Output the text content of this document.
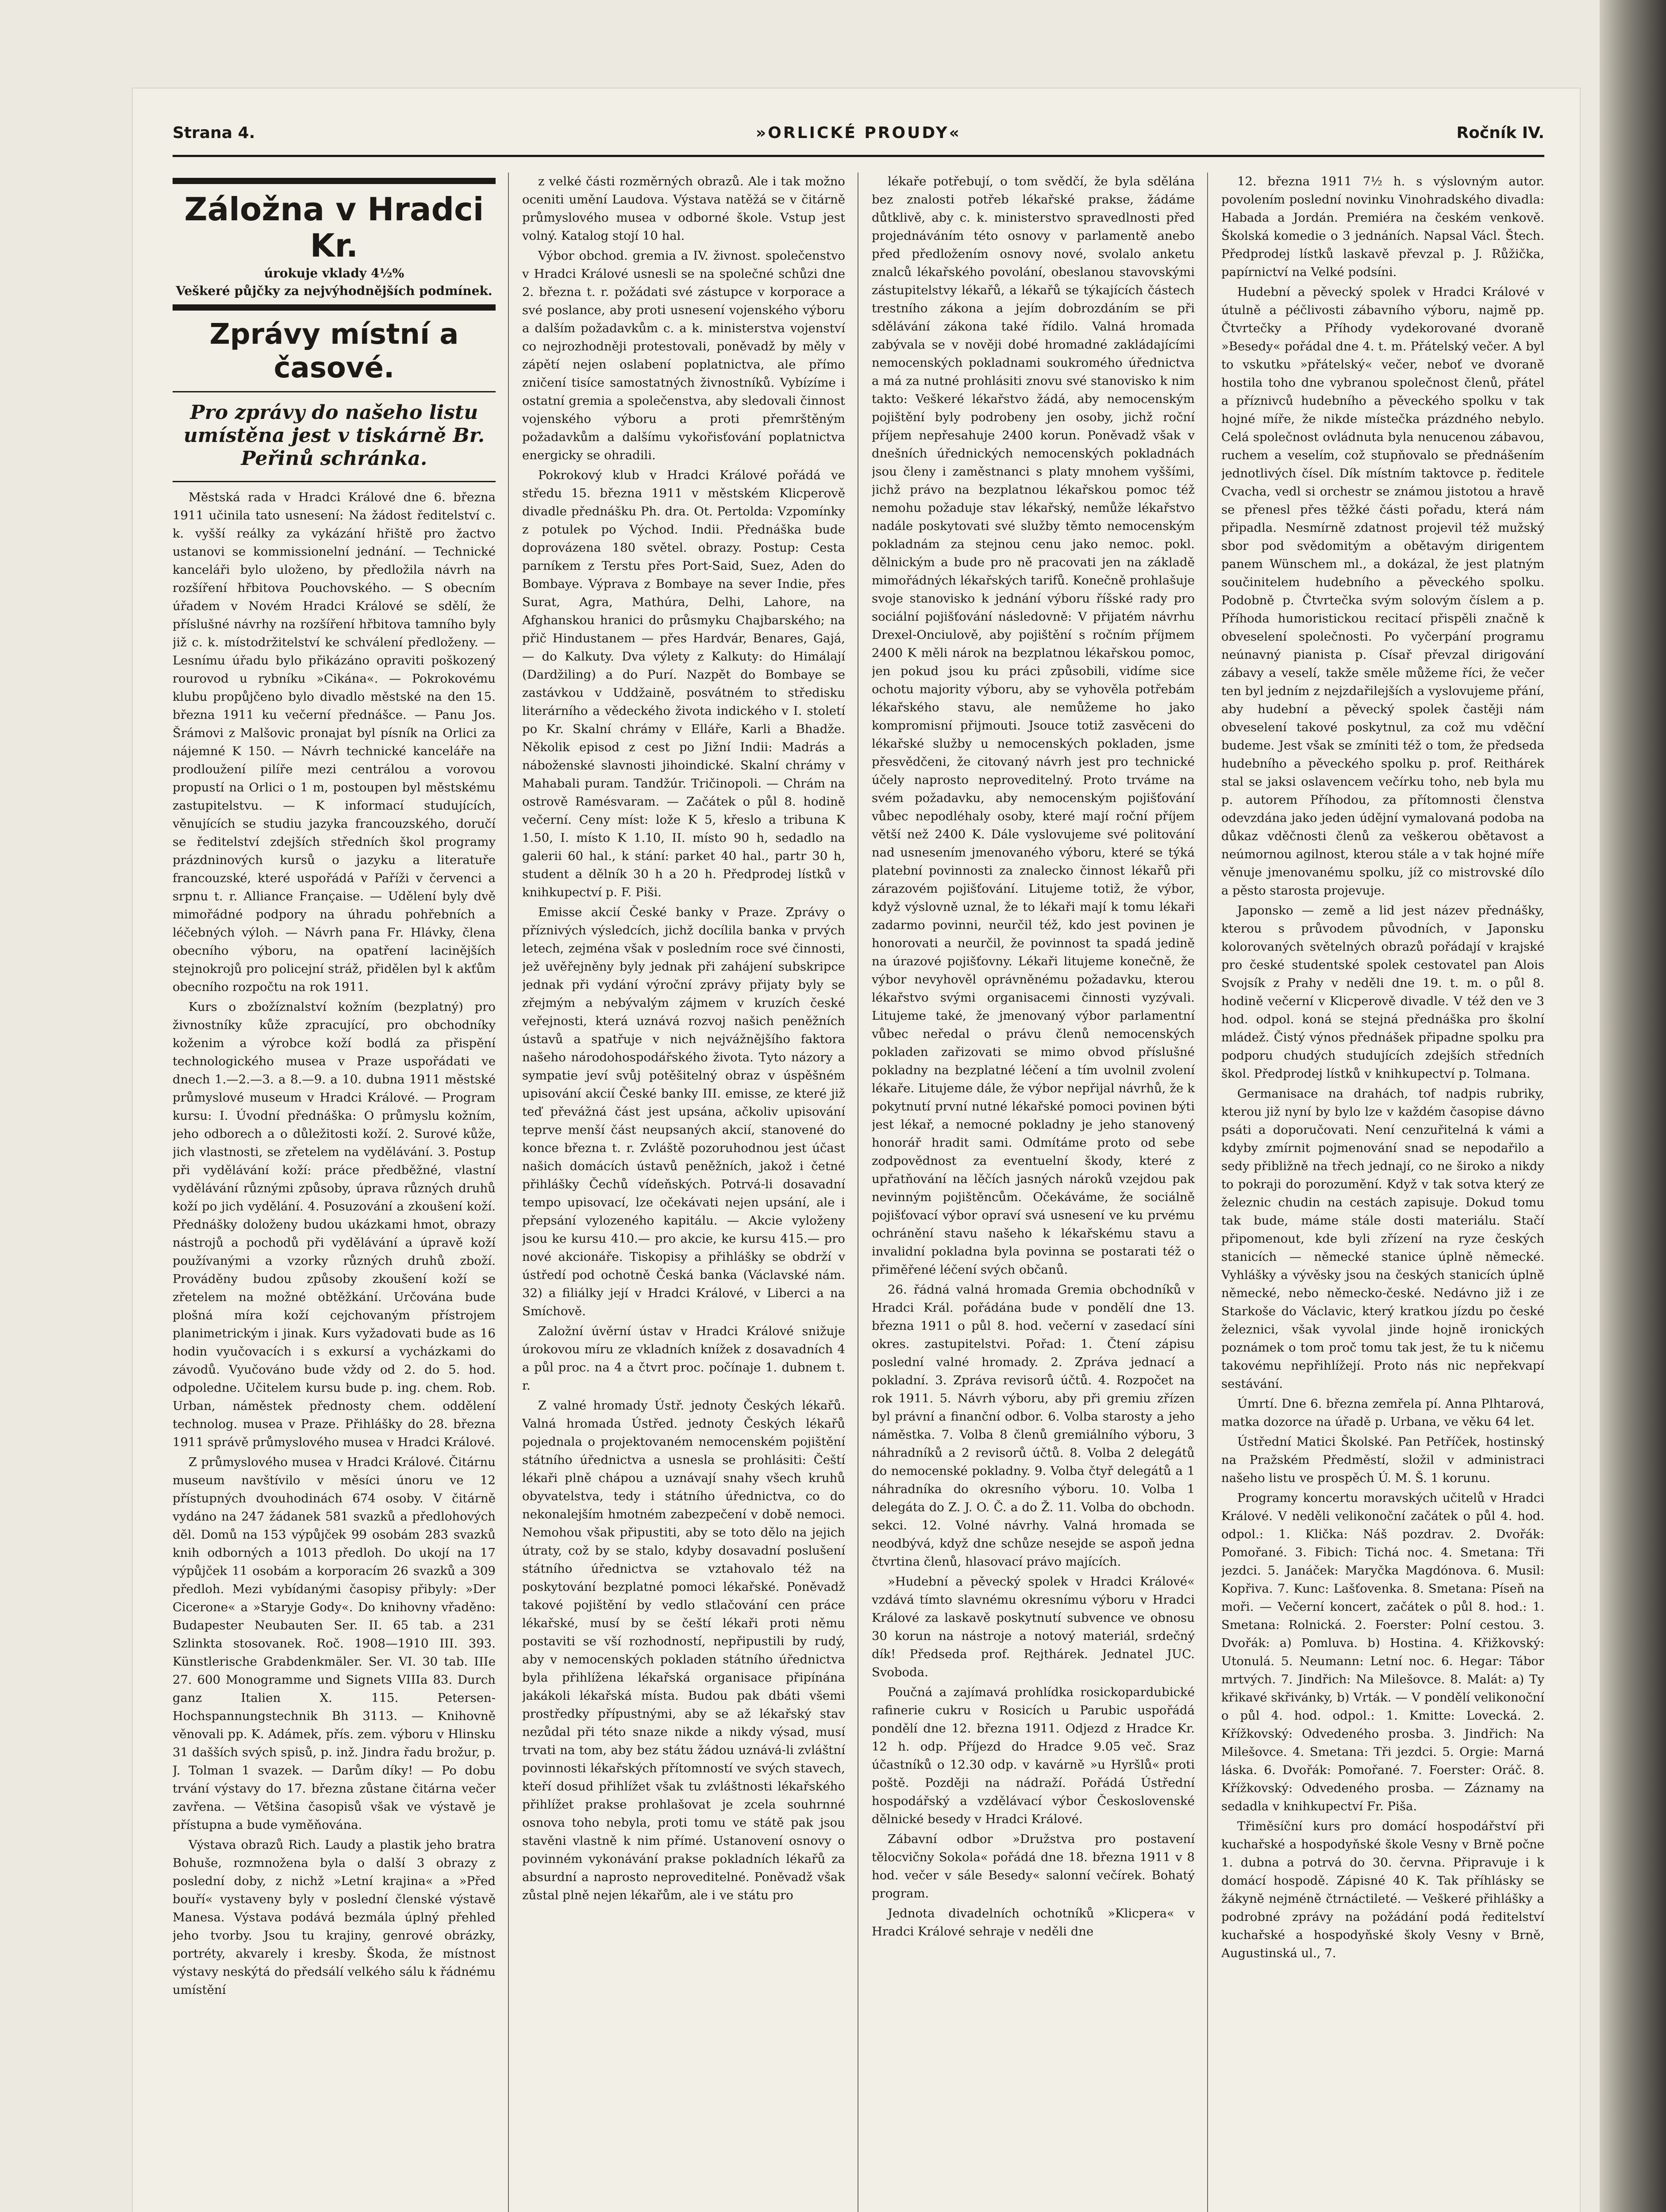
Strana 4.	»ORLICKÉ PROUDY«	Ročník IV.
Záložna v Hradci Kr.
úrokuje vklady 4½%
Veškeré půjčky za nejvýhodnějších podmínek.
Zprávy místní a časové.
Pro zprávy do našeho listu umístěna jest v tiskárně Br. Peřinů schránka.

Městská rada v Hradci Králové dne 6. března 1911 učinila tato usnesení: Na žádost ředitelství c. k. vyšší reálky za vykázání hřiště pro žactvo ustanovi se kommissionelní jednání. — Technické kanceláři bylo uloženo, by předložila návrh na rozšíření hřbitova Pouchovského. — S obecním úřadem v Novém Hradci Králové se sdělí, že příslušné návrhy na rozšíření hřbitova tamního byly již c. k. místodržitelství ke schválení předloženy. — Lesnímu úřadu bylo přikázáno opraviti poškozený rourovod u rybníku »Cikána«. — Pokrokovému klubu propůjčeno bylo divadlo městské na den 15. března 1911 ku večerní přednášce. — Panu Jos. Šrámovi z Malšovic pronajat byl písník na Orlici za nájemné K 150. — Návrh technické kanceláře na prodloužení pilíře mezi centrálou a vorovou propustí na Orlici o 1 m, postoupen byl městskému zastupitelstvu. — K informací studujících, věnujících se studiu jazyka francouzského, doručí se ředitelství zdejších středních škol programy prázdninových kursů o jazyku a literatuře francouzské, které uspořádá v Paříži v červenci a srpnu t. r. Alliance Française. — Udělení byly dvě mimořádné podpory na úhradu pohřebních a léčebných výloh. — Návrh pana Fr. Hlávky, člena obecního výboru, na opatření lacinějších stejnokrojů pro policejní stráž, přidělen byl k akťům obecního rozpočtu na rok 1911.

Kurs o zbožíznalství kožním (bezplatný) pro živnostníky kůže zpracující, pro obchodníky koženim a výrobce koží bodlá za přispění technologického musea v Praze uspořádati ve dnech 1.—2.—3. a 8.—9. a 10. dubna 1911 městské průmyslové museum v Hradci Králové. — Program kursu: I. Úvodní přednáška: O průmyslu kožním, jeho odborech a o důležitosti koží. 2. Surové kůže, jich vlastnosti, se zřetelem na vydělávání. 3. Postup při vydělávání koží: práce předběžné, vlastní vydělávání různými způsoby, úprava různých druhů koží po jich vydělání. 4. Posuzování a zkoušení koží. Přednášky doloženy budou ukázkami hmot, obrazy nástrojů a pochodů při vydělávání a úpravě koží používanými a vzorky různých druhů zboží. Prováděny budou způsoby zkoušení koží se zřetelem na možné obtěžkání. Určována bude plošná míra koží cejchovaným přístrojem planimetrickým i jinak. Kurs vyžadovati bude as 16 hodin vyučovacích i s exkursí a vycházkami do závodů. Vyučováno bude vždy od 2. do 5. hod. odpoledne. Učitelem kursu bude p. ing. chem. Rob. Urban, náměstek přednosty chem. oddělení technolog. musea v Praze. Přihlášky do 28. března 1911 správě průmyslového musea v Hradci Králové.

Z průmyslového musea v Hradci Králové. Čitárnu museum navštívilo v měsíci únoru ve 12 přístupných dvouhodinách 674 osoby. V čitárně vydáno na 247 žádanek 581 svazků a předlohových děl. Domů na 153 výpůjček 99 osobám 283 svazků knih odborných a 1013 předloh. Do ukojí na 17 výpůjček 11 osobám a korporacím 26 svazků a 309 předloh. Mezi vybídanými časopisy přibyly: »Der Cicerone« a »Staryje Gody«. Do knihovny vřaděno: Budapester Neubauten Ser. II. 65 tab. a 231 Szlinkta stosovanek. Roč. 1908—1910 III. 393. Künstlerische Grabdenkmäler. Ser. VI. 30 tab. IIIe 27. 600 Monogramme und Signets VIIIa 83. Durch ganz Italien X. 115. Petersen-Hochspannungstechnik Bh 3113. — Knihovně věnovali pp. K. Adámek, přís. zem. výboru v Hlinsku 31 dašších svých spisů, p. inž. Jindra řadu brožur, p. J. Tolman 1 svazek. — Darům díky! — Po dobu trvání výstavy do 17. března zůstane čitárna večer zavřena. — Většina časopisů však ve výstavě je přístupna a bude vyměňována.

Výstava obrazů Rich. Laudy a plastik jeho bratra Bohuše, rozmnožena byla o další 3 obrazy z poslední doby, z nichž »Letní krajina« a »Před bouří« vystaveny byly v poslední členské výstavě Manesa. Výstava podává bezmála úplný přehled jeho tvorby. Jsou tu krajiny, genrové obrázky, portréty, akvarely i kresby. Škoda, že místnost výstavy neskýtá do předsálí velkého sálu k řádnému umístění

z velké části rozměrných obrazů. Ale i tak možno oceniti umění Laudova. Výstava natěžá se v čitárně průmyslového musea v odborné škole. Vstup jest volný. Katalog stojí 10 hal.

Výbor obchod. gremia a IV. živnost. společenstvo v Hradci Králové usnesli se na společné schůzi dne 2. března t. r. požádati své zástupce v korporace a své poslance, aby proti usnesení vojenského výboru a dalším požadavkům c. a k. ministerstva vojenství co nejrozhodněji protestovali, poněvadž by měly v zápětí nejen oslabení poplatnictva, ale přímo zničení tisíce samostatných živnostníků. Vybízíme i ostatní gremia a společenstva, aby sledovali činnost vojenského výboru a proti přemrštěným požadavkům a dalšímu vykořisťování poplatnictva energicky se ohradili.

Pokrokový klub v Hradci Králové pořádá ve středu 15. března 1911 v městském Klicperově divadle přednášku Ph. dra. Ot. Pertolda: Vzpomínky z potulek po Východ. Indii. Přednáška bude doprovázena 180 světel. obrazy. Postup: Cesta parníkem z Terstu přes Port-Said, Suez, Aden do Bombaye. Výprava z Bombaye na sever Indie, přes Surat, Agra, Mathúra, Delhi, Lahore, na Afghanskou hranici do průsmyku Chajbarského; na přič Hindustanem — přes Hardvár, Benares, Gajá, — do Kalkuty. Dva výlety z Kalkuty: do Himálají (Dardžiling) a do Purí. Nazpět do Bombaye se zastávkou v Uddžaině, posvátném to středisku literárního a vědeckého života indického v I. století po Kr. Skalní chrámy v Elláře, Karli a Bhadže. Několik episod z cest po Jižní Indii: Madrás a náboženské slavnosti jihoindické. Skalní chrámy v Mahabali puram. Tandžúr. Tričinopoli. — Chrám na ostrově Ramésvaram. — Začátek o půl 8. hodině večerní. Ceny míst: lože K 5, křeslo a tribuna K 1.50, I. místo K 1.10, II. místo 90 h, sedadlo na galerii 60 hal., k stání: parket 40 hal., partr 30 h, student a dělník 30 h a 20 h. Předprodej lístků v knihkupectví p. F. Piši.

Emisse akcií České banky v Praze. Zprávy o příznivých výsledcích, jichž docílila banka v prvých letech, zejména však v posledním roce své činnosti, jež uvěřejněny byly jednak při zahájení subskripce jednak při vydání výroční zprávy přijaty byly se zřejmým a nebývalým zájmem v kruzích české veřejnosti, která uznává rozvoj našich peněžních ústavů a spatřuje v nich nejvážnějšího faktora našeho národohospodářského života. Tyto názory a sympatie jeví svůj potěšitelný obraz v úspěšném upisování akcií České banky III. emisse, ze které již teď převážná část jest upsána, ačkoliv upisování teprve menší část neupsaných akcií, stanovené do konce března t. r. Zvláště pozoruhodnou jest účast našich domácích ústavů peněžních, jakož i četné přihlášky Čechů vídeňských. Potrvá-li dosavadní tempo upisovací, lze očekávati nejen upsání, ale i přepsání vylozeného kapitálu. — Akcie vyloženy jsou ke kursu 410.— pro akcie, ke kursu 415.— pro nové akcionáře. Tiskopisy a přihlášky se obdrží v ústředí pod ochotně Česká banka (Václavské nám. 32) a filiálky její v Hradci Králové, v Liberci a na Smíchově.

Založní úvěrní ústav v Hradci Králové snižuje úrokovou míru ze vkladních knížek z dosavadních 4 a půl proc. na 4 a čtvrt proc. počínaje 1. dubnem t. r.

Z valné hromady Ústř. jednoty Českých lékařů. Valná hromada Ústřed. jednoty Českých lékařů pojednala o projektovaném nemocenském pojištění státního úřednictva a usnesla se prohlásiti: Čeští lékaři plně chápou a uznávají snahy všech kruhů obyvatelstva, tedy i státního úřednictva, co do nekonalejším hmotném zabezpečení v době nemoci. Nemohou však připustiti, aby se toto dělo na jejich útraty, což by se stalo, kdyby dosavadní poslušení státního úřednictva se vztahovalo též na poskytování bezplatné pomoci lékařské. Poněvadž takové pojištění by vedlo stlačování cen práce lékařské, musí by se čeští lékaři proti němu postaviti se vší rozhodností, nepřipustili by rudý, aby v nemocenských pokladen státního úřednictva byla přihlížena lékařská organisace připínána jakákoli lékařská místa. Budou pak dbáti všemi prostředky přípustnými, aby se až lékařský stav nezůdal při této snaze nikde a nikdy výsad, musí trvati na tom, aby bez státu žádou uznává-li zvláštní povinnosti lékařských přítomností ve svých stavech, kteří dosud přihlížet však tu zvláštnosti lékařského přihlížet prakse prohlašovat je zcela souhrnné osnova toho nebyla, proti tomu ve státě pak jsou stavěni vlastně k nim přímé. Ustanovení osnovy o povinném vykonávání prakse pokladních lékařů za absurdní a naprosto neproveditelné. Poněvadž však zůstal plně nejen lékařům, ale i ve státu pro

lékaře potřebují, o tom svědčí, že byla sdělána bez znalosti potřeb lékařské prakse, žádáme důtklivě, aby c. k. ministerstvo spravedlnosti před projednáváním této osnovy v parlamentě anebo před předložením osnovy nové, svolalo anketu znalců lékařského povolání, obeslanou stavovskými zástupitelstvy lékařů, a lékařů se týkajících částech trestního zákona a jejím dobrozdáním se při sdělávání zákona také řídilo. Valná hromada zabývala se v nověji dobé hromadné zakládajícími nemocenských pokladnami soukromého úřednictva a má za nutné prohlásiti znovu své stanovisko k nim takto: Veškeré lékařstvo žádá, aby nemocenským pojištění byly podrobeny jen osoby, jichž roční příjem nepřesahuje 2400 korun. Poněvadž však v dnešních úřednických nemocenských pokladnách jsou členy i zaměstnanci s platy mnohem vyššími, jichž právo na bezplatnou lékařskou pomoc též nemohu požaduje stav lékařský, nemůže lékařstvo nadále poskytovati své služby těmto nemocenským pokladnám za stejnou cenu jako nemoc. pokl. dělnickým a bude pro ně pracovati jen na základě mimořádných lékařských tarifů. Konečně prohlašuje svoje stanovisko k jednání výboru říšské rady pro sociální pojišťování následovně: V přijatém návrhu Drexel-Onciulově, aby pojištění s ročním příjmem 2400 K měli nárok na bezplatnou lékařskou pomoc, jen pokud jsou ku práci způsobili, vidíme sice ochotu majority výboru, aby se vyhověla potřebám lékařského stavu, ale nemůžeme ho jako kompromisní přijmouti. Jsouce totiž zasvěceni do lékařské služby u nemocenských pokladen, jsme přesvědčeni, že citovaný návrh jest pro technické účely naprosto neproveditelný. Proto trváme na svém požadavku, aby nemocenským pojišťování vůbec nepodléhaly osoby, které mají roční příjem větší než 2400 K. Dále vyslovujeme své politování nad usnesením jmenovaného výboru, které se týká platební povinnosti za znalecko činnost lékařů při zárazovém pojišťování. Litujeme totiž, že výbor, když výslovně uznal, že to lékaři mají k tomu lékaři zadarmo povinni, neurčil též, kdo jest povinen je honorovati a neurčil, že povinnost ta spadá jedině na úrazové pojišťovny. Lékaři litujeme konečně, že výbor nevyhověl oprávněnému požadavku, kterou lékařstvo svými organisacemi činnosti vyzývali. Litujeme také, že jmenovaný výbor parlamentní vůbec neředal o právu členů nemocenských pokladen zařizovati se mimo obvod příslušné pokladny na bezplatné léčení a tím uvolnil zvolení lékaře. Litujeme dále, že výbor nepřijal návrhů, že k pokytnutí první nutné lékařské pomoci povinen býti jest lékař, a nemocné pokladny je jeho stanovený honorář hradit sami. Odmítáme proto od sebe zodpovědnost za eventuelní škody, které z upřatňování na lěčích jasných nároků vzejdou pak nevinným pojištěncům. Očekáváme, že sociálně pojišťovací výbor opraví svá usnesení ve ku prvému ochránění stavu našeho k lékařskému stavu a invalidní pokladna byla povinna se postarati též o přiměřené léčení svých občanů.

26. řádná valná hromada Gremia obchodníků v Hradci Král. pořádána bude v pondělí dne 13. března 1911 o půl 8. hod. večerní v zasedací síni okres. zastupitelstvi. Pořad: 1. Čtení zápisu poslední valné hromady. 2. Zpráva jednací a pokladní. 3. Zpráva revisorů účtů. 4. Rozpočet na rok 1911. 5. Návrh výboru, aby při gremiu zřízen byl právní a finanční odbor. 6. Volba starosty a jeho náměstka. 7. Volba 8 členů gremiálního výboru, 3 náhradníků a 2 revisorů účtů. 8. Volba 2 delegátů do nemocenské pokladny. 9. Volba čtyř delegátů a 1 náhradníka do okresního výboru. 10. Volba 1 delegáta do Z. J. O. Č. a do Ž. 11. Volba do obchodn. sekci. 12. Volné návrhy. Valná hromada se neodbývá, když dne schůze nesejde se aspoň jedna čtvrtina členů, hlasovací právo majících.

»Hudební a pěvecký spolek v Hradci Králové« vzdává tímto slavnému okresnímu výboru v Hradci Králové za laskavě poskytnutí subvence ve obnosu 30 korun na nástroje a notový materiál, srdečný dík! Předseda prof. Rejthárek. Jednatel JUC. Svoboda.

Poučná a zajímavá prohlídka rosickopardubické rafinerie cukru v Rosicích u Parubic uspořádá pondělí dne 12. března 1911. Odjezd z Hradce Kr. 12 h. odp. Příjezd do Hradce 9.05 več. Sraz účastníků o 12.30 odp. v kavárně »u Hyršlů« proti poště. Později na nádraží. Pořádá Ústřední hospodářský a vzdělávací výbor Československé dělnické besedy v Hradci Králové.

Zábavní odbor »Družstva pro postavení tělocvičny Sokola« pořádá dne 18. března 1911 v 8 hod. večer v sále Besedy« salonní večírek. Bohatý program.

Jednota divadelních ochotníků »Klicpera« v Hradci Králové sehraje v neděli dne

12. března 1911 7½ h. s výslovným autor. povolením poslední novinku Vinohradského divadla: Habada a Jordán. Premiéra na českém venkově. Školská komedie o 3 jednáních. Napsal Václ. Štech. Předprodej lístků laskavě převzal p. J. Růžička, papírnictví na Velké podsíni.

Hudební a pěvecký spolek v Hradci Králové v útulně a péčlivosti zábavního výboru, najmě pp. Čtvrtečky a Příhody vydekorované dvoraně »Besedy« pořádal dne 4. t. m. Přátelský večer. A byl to vskutku »přátelský« večer, neboť ve dvoraně hostila toho dne vybranou společnost členů, přátel a příznivců hudebního a pěveckého spolku v tak hojné míře, že nikde místečka prázdného nebylo. Celá společnost ovládnuta byla nenucenou zábavou, ruchem a veselím, což stupňovalo se přednášením jednotlivých čísel. Dík místním taktovce p. ředitele Cvacha, vedl si orchestr se známou jistotou a hravě se přenesl přes těžké části pořadu, která nám připadla. Nesmírně zdatnost projevil též mužský sbor pod svědomitým a obětavým dirigentem panem Wünschem ml., a dokázal, že jest platným součinitelem hudebního a pěveckého spolku. Podobně p. Čtvrtečka svým solovým číslem a p. Příhoda humoristickou recitací přispěli značně k obveselení společnosti. Po vyčerpání programu neúnavný pianista p. Císař převzal dirigování zábavy a veselí, takže směle můžeme říci, že večer ten byl jedním z nejzdařilejších a vyslovujeme přání, aby hudební a pěvecký spolek častěji nám obveselení takové poskytnul, za což mu vděční budeme. Jest však se zmíniti též o tom, že předseda hudebního a pěveckého spolku p. prof. Reithárek stal se jaksi oslavencem večírku toho, neb byla mu p. autorem Příhodou, za přítomnosti členstva odevzdána jako jeden údějní vymalovaná podoba na důkaz vděčnosti členů za veškerou obětavost a neúmornou agilnost, kterou stále a v tak hojné míře věnuje jmenovanému spolku, jíž co mistrovské dílo a pěsto starosta projevuje.

Japonsko — země a lid jest název přednášky, kterou s průvodem původních, v Japonsku kolorovaných světelných obrazů pořádají v krajské pro české studentské spolek cestovatel pan Alois Svojsík z Prahy v neděli dne 19. t. m. o půl 8. hodině večerní v Klicperově divadle. V též den ve 3 hod. odpol. koná se stejná přednáška pro školní mládež. Čistý výnos přednášek připadne spolku pra podporu chudých studujících zdejších středních škol. Předprodej lístků v knihkupectví p. Tolmana.

Germanisace na drahách, tof nadpis rubriky, kterou již nyní by bylo lze v každém časopise dávno psáti a doporučovati. Není cenzuřitelná k vámi a kdyby zmírnit pojmenování snad se nepodařilo a sedy přibližně na třech jednají, co ne široko a nikdy to pokraji do porozumění. Když v tak sotva který ze železnic chudin na cestách zapisuje. Dokud tomu tak bude, máme stále dosti materiálu. Stačí připomenout, kde byli zřízení na ryze českých stanicích — německé stanice úplně německé. Vyhlášky a vývěsky jsou na českých stanicích úplně německé, nebo německo-české. Nedávno již i ze Starkoše do Václavic, který kratkou jízdu po české železnici, však vyvolal jinde hojně ironických poznámek o tom proč tomu tak jest, že tu k ničemu takovému nepřihlížejí. Proto nás nic nepřekvapí sestávání.

Úmrtí. Dne 6. března zemřela pí. Anna Plhtarová, matka dozorce na úřadě p. Urbana, ve věku 64 let.

Ústřední Matici Školské. Pan Petříček, hostinský na Pražském Předměstí, složil v administraci našeho listu ve prospěch Ú. M. Š. 1 korunu.

Programy koncertu moravských učitelů v Hradci Králové. V neděli velikonoční začátek o půl 4. hod. odpol.: 1. Klička: Náš pozdrav. 2. Dvořák: Pomořané. 3. Fibich: Tichá noc. 4. Smetana: Tři jezdci. 5. Janáček: Maryčka Magdónova. 6. Musil: Kopřiva. 7. Kunc: Lašťovenka. 8. Smetana: Píseň na moři. — Večerní koncert, začátek o půl 8. hod.: 1. Smetana: Rolnická. 2. Foerster: Polní cestou. 3. Dvořák: a) Pomluva. b) Hostina. 4. Křižkovský: Utonulá. 5. Neumann: Letní noc. 6. Hegar: Tábor mrtvých. 7. Jindřich: Na Milešovce. 8. Malát: a) Ty křikavé skřivánky, b) Vrták. — V pondělí velikonoční o půl 4. hod. odpol.: 1. Kmitte: Lovecká. 2. Křížkovský: Odvedeného prosba. 3. Jindřich: Na Milešovce. 4. Smetana: Tři jezdci. 5. Orgie: Marná láska. 6. Dvořák: Pomořané. 7. Foerster: Oráč. 8. Křížkovský: Odvedeného prosba. — Záznamy na sedadla v knihkupectví Fr. Piša.

Třiměsíční kurs pro domácí hospodářství při kuchařské a hospodyňské škole Vesny v Brně počne 1. dubna a potrvá do 30. června. Připravuje i k domácí hospodě. Zápisné 40 K. Tak příhlásky se žákyně nejméně čtrnáctileté. — Veškeré přihlášky a podrobné zprávy na požádání podá ředitelství kuchařské a hospodyňské školy Vesny v Brně, Augustinská ul., 7.
